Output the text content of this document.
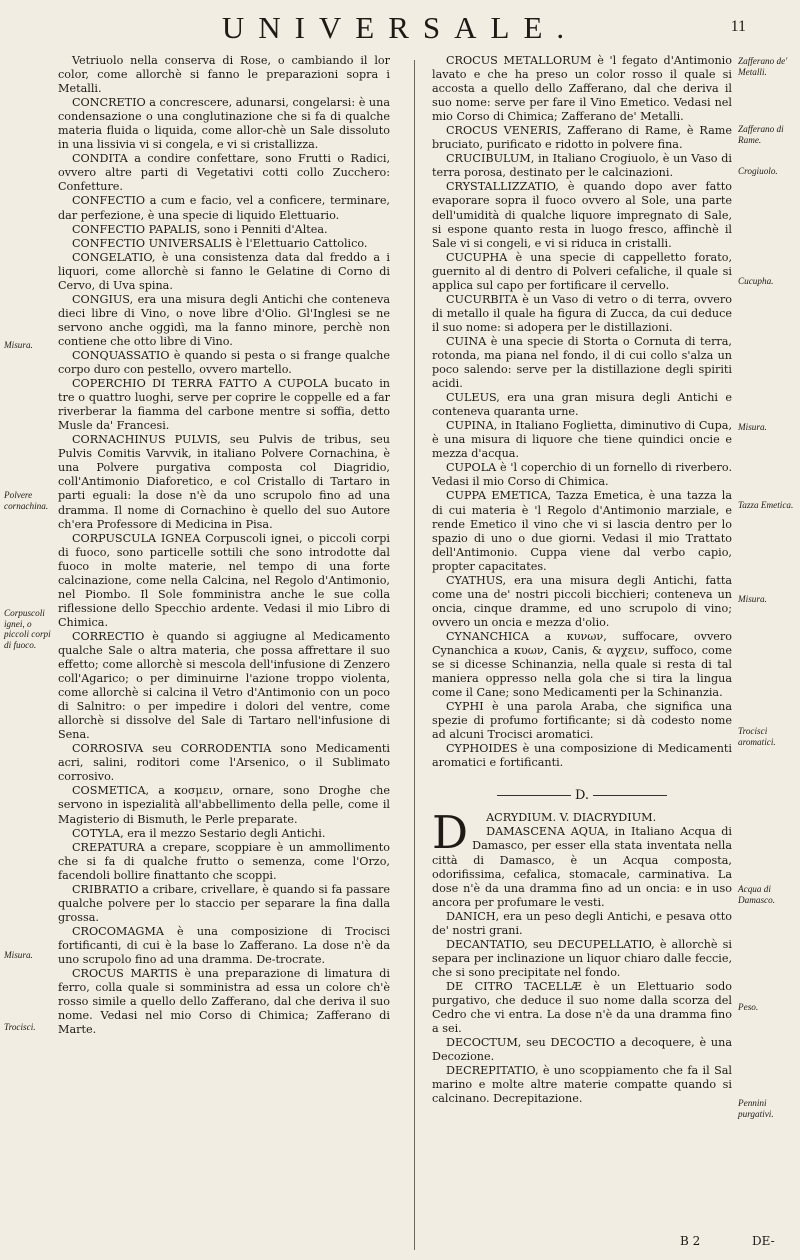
UNIVERSALE.	11

Vetriuolo nella conserva di Rose, o cambiando il lor color, come allorchè si fanno le preparazioni sopra i Metalli.

CONCRETIO a concrescere, adunarsi, congelarsi: è una condensazione o una conglutinazione che si fa di qualche materia fluida o liquida, come allor-chè un Sale dissoluto in una lissivia vi si congela, e vi si cristallizza.

CONDITA a condire confettare, sono Frutti o Radici, ovvero altre parti di Vegetativi cotti collo Zucchero: Confetture.

CONFECTIO a cum e facio, vel a conficere, terminare, dar perfezione, è una specie di liquido Elettuario.

CONFECTIO PAPALIS, sono i Penniti d'Altea.

CONFECTIO UNIVERSALIS è l'Elettuario Cattolico.

CONGELATIO, è una consistenza data dal freddo a i liquori, come allorchè si fanno le Gelatine di Corno di Cervo, di Uva spina.

CONGIUS, era una misura degli Antichi che conteneva dieci libre di Vino, o nove libre d'Olio. Gl'Inglesi se ne servono anche oggidì, ma la fanno minore, perchè non contiene che otto libre di Vino.

CONQUASSATIO è quando si pesta o si frange qualche corpo duro con pestello, ovvero martello.

COPERCHIO DI TERRA FATTO A CUPOLA bucato in tre o quattro luoghi, serve per coprire le coppelle ed a far riverberar la fiamma del carbone mentre si soffia, detto Musle da' Francesi.

CORNACHINUS PULVIS, seu Pulvis de tribus, seu Pulvis Comitis Varvvik, in italiano Polvere Cornachina, è una Polvere purgativa composta col Diagridio, coll'Antimonio Diaforetico, e col Cristallo di Tartaro in parti eguali: la dose n'è da uno scrupolo fino ad una dramma. Il nome di Cornachino è quello del suo Autore ch'era Professore di Medicina in Pisa.

CORPUSCULA IGNEA Corpuscoli ignei, o piccoli corpi di fuoco, sono particelle sottili che sono introdotte dal fuoco in molte materie, nel tempo di una forte calcinazione, come nella Calcina, nel Regolo d'Antimonio, nel Piombo. Il Sole fomministra anche le sue colla riflessione dello Specchio ardente. Vedasi il mio Libro di Chimica.

CORRECTIO è quando si aggiugne al Medicamento qualche Sale o altra materia, che possa affrettare il suo effetto; come allorchè si mescola dell'infusione di Zenzero coll'Agarico; o per diminuirne l'azione troppo violenta, come allorchè si calcina il Vetro d'Antimonio con un poco di Salnitro: o per impedire i dolori del ventre, come allorchè si dissolve del Sale di Tartaro nell'infusione di Sena.

CORROSIVA seu CORRODENTIA sono Medicamenti acri, salini, roditori come l'Arsenico, o il Sublimato corrosivo.

COSMETICA, a κοσμειν, ornare, sono Droghe che servono in ispezialità all'abbellimento della pelle, come il Magisterio di Bismuth, le Perle preparate.

COTYLA, era il mezzo Sestario degli Antichi.

CREPATURA a crepare, scoppiare è un ammollimento che si fa di qualche frutto o semenza, come l'Orzo, facendoli bollire finattanto che scoppi.

CRIBRATIO a cribare, crivellare, è quando si fa passare qualche polvere per lo staccio per separare la fina dalla grossa.

CROCOMAGMA è una composizione di Trocisci fortificanti, di cui è la base lo Zafferano. La dose n'è da uno scrupolo fino ad una dramma. De-trocrate.

CROCUS MARTIS è una preparazione di limatura di ferro, colla quale si somministra ad essa un colore ch'è rosso simile a quello dello Zafferano, dal che deriva il suo nome. Vedasi nel mio Corso di Chimica; Zafferano di Marte.

CROCUS METALLORUM è 'l fegato d'Antimonio lavato e che ha preso un color rosso il quale si accosta a quello dello Zafferano, dal che deriva il suo nome: serve per fare il Vino Emetico. Vedasi nel mio Corso di Chimica; Zafferano de' Metalli.

CROCUS VENERIS, Zafferano di Rame, è Rame bruciato, purificato e ridotto in polvere fina.

CRUCIBULUM, in Italiano Crogiuolo, è un Vaso di terra porosa, destinato per le calcinazioni.

CRYSTALLIZZATIO, è quando dopo aver fatto evaporare sopra il fuoco ovvero al Sole, una parte dell'umidità di qualche liquore impregnato di Sale, si espone quanto resta in luogo fresco, affinchè il Sale vi si congeli, e vi si riduca in cristalli.

CUCUPHA è una specie di cappelletto forato, guernito al di dentro di Polveri cefaliche, il quale si applica sul capo per fortificare il cervello.

CUCURBITA è un Vaso di vetro o di terra, ovvero di metallo il quale ha figura di Zucca, da cui deduce il suo nome: si adopera per le distillazioni.

CUINA è una specie di Storta o Cornuta di terra, rotonda, ma piana nel fondo, il di cui collo s'alza un poco salendo: serve per la distillazione degli spiriti acidi.

CULEUS, era una gran misura degli Antichi e conteneva quaranta urne.

CUPINA, in Italiano Foglietta, diminutivo di Cupa, è una misura di liquore che tiene quindici oncie e mezza d'acqua.

CUPOLA è 'l coperchio di un fornello di riverbero. Vedasi il mio Corso di Chimica.

CUPPA EMETICA, Tazza Emetica, è una tazza la di cui materia è 'l Regolo d'Antimonio marziale, e rende Emetico il vino che vi si lascia dentro per lo spazio di uno o due giorni. Vedasi il mio Trattato dell'Antimonio. Cuppa viene dal verbo capio, propter capacitates.

CYATHUS, era una misura degli Antichi, fatta come una de' nostri piccoli bicchieri; conteneva un oncia, cinque dramme, ed uno scrupolo di vino; ovvero un oncia e mezza d'olio.

CYNANCHICA a κυνων, suffocare, ovvero Cynanchica a κυων, Canis, & αγχειν, suffoco, come se si dicesse Schinanzia, nella quale si resta di tal maniera oppresso nella gola che si tira la lingua come il Cane; sono Medicamenti per la Schinanzia.

CYPHI è una parola Araba, che significa una spezie di profumo fortificante; si dà codesto nome ad alcuni Trocisci aromatici.

CYPHOIDES è una composizione di Medicamenti aromatici e fortificanti.

D.
D	ACRYDIUM. V. DIACRYDIUM.

DAMASCENA AQUA, in Italiano Acqua di Damasco, per esser ella stata inventata nella città di Damasco, è un Acqua composta, odorifissima, cefalica, stomacale, carminativa. La dose n'è da una dramma fino ad un oncia: e in uso ancora per profumare le vesti.

DANICH, era un peso degli Antichi, e pesava otto de' nostri grani.

DECANTATIO, seu DECUPELLATIO, è allorchè si separa per inclinazione un liquor chiaro dalle feccie, che si sono precipitate nel fondo.

DE CITRO TACELLÆ è un Elettuario sodo purgativo, che deduce il suo nome dalla scorza del Cedro che vi entra. La dose n'è da una dramma fino a sei.

DECOCTUM, seu DECOCTIO a decoquere, è una Decozione.

DECREPITATIO, è uno scoppiamento che fa il Sal marino e molte altre materie compatte quando si calcinano. Decrepitazione.

Misura.
Polvere cornachina.
Corpuscoli ignei, o piccoli corpi di fuoco.
Misura.
Trocisci.
Zafferano de' Metalli.
Zafferano di Rame.
Crogiuolo.
Cucupha.
Misura.
Tazza Emetica.
Misura.
Trocisci aromatici.
Acqua di Damasco.
Peso.
Pennini purgativi.
B 2	DE-
